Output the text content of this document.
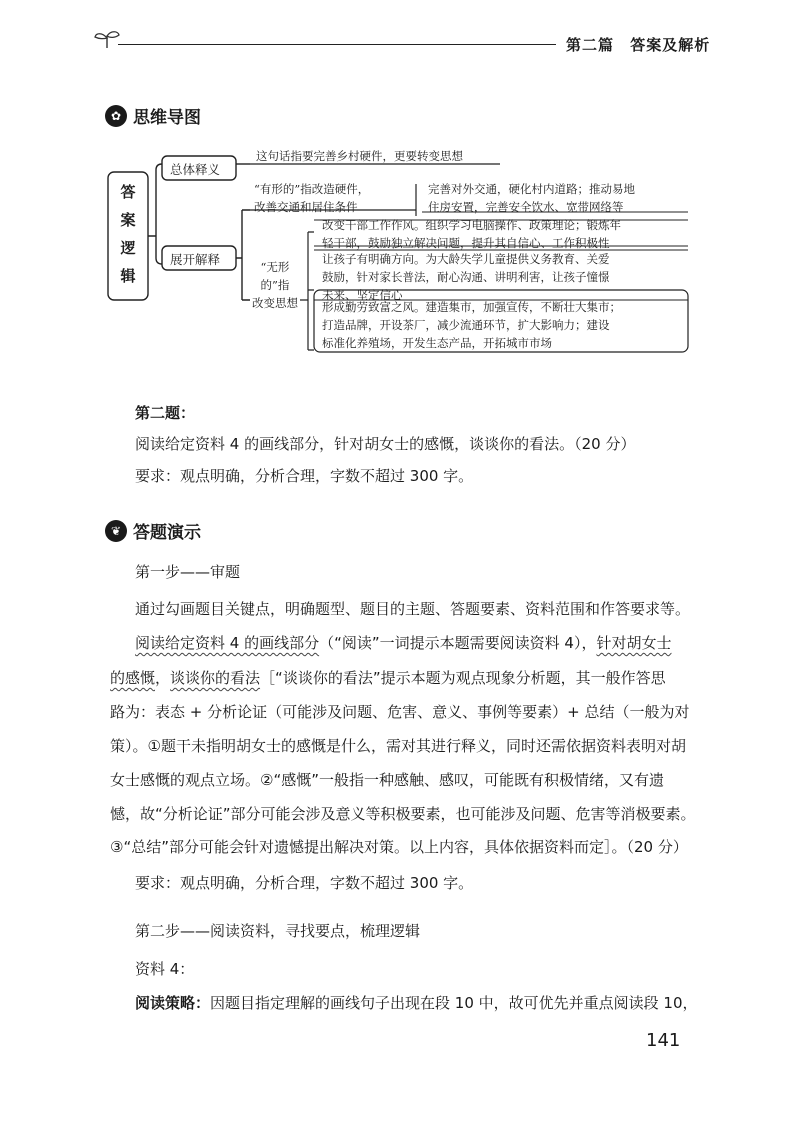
第二篇 答案及解析
✿ 思维导图
答
案
逻
辑
总体释义
这句话指要完善乡村硬件，更要转变思想
展开解释
“有形的”指改造硬件，
改善交通和居住条件
完善对外交通，硬化村内道路；推动易地
住房安置，完善安全饮水、宽带网络等
“无形
的”指
改变思想
改变干部工作作风。组织学习电脑操作、政策理论；锻炼年
轻干部，鼓励独立解决问题，提升其自信心、工作积极性
让孩子有明确方向。为大龄失学儿童提供义务教育、关爱
鼓励，针对家长普法，耐心沟通、讲明利害，让孩子憧憬
未来、坚定信心
形成勤劳致富之风。建造集市，加强宣传，不断壮大集市；
打造品牌，开设茶厂，减少流通环节，扩大影响力；建设
标准化养殖场，开发生态产品，开拓城市市场
第二题：
阅读给定资料 4 的画线部分，针对胡女士的感慨，谈谈你的看法。（20 分）
要求：观点明确，分析合理，字数不超过 300 字。
❦ 答题演示
第一步——审题
通过勾画题目关键点，明确题型、题目的主题、答题要素、资料范围和作答要求等。
阅读给定资料 4 的画线部分（“阅读”一词提示本题需要阅读资料 4），针对胡女士
的感慨，谈谈你的看法［“谈谈你的看法”提示本题为观点现象分析题，其一般作答思
路为：表态 + 分析论证（可能涉及问题、危害、意义、事例等要素）+ 总结（一般为对
策）。①题干未指明胡女士的感慨是什么，需对其进行释义，同时还需依据资料表明对胡
女士感慨的观点立场。②“感慨”一般指一种感触、感叹，可能既有积极情绪，又有遗
憾，故“分析论证”部分可能会涉及意义等积极要素，也可能涉及问题、危害等消极要素。
③“总结”部分可能会针对遗憾提出解决对策。以上内容，具体依据资料而定］。（20 分）
要求：观点明确，分析合理，字数不超过 300 字。
第二步——阅读资料，寻找要点，梳理逻辑
资料 4：
阅读策略：因题目指定理解的画线句子出现在段 10 中，故可优先并重点阅读段 10，
141
